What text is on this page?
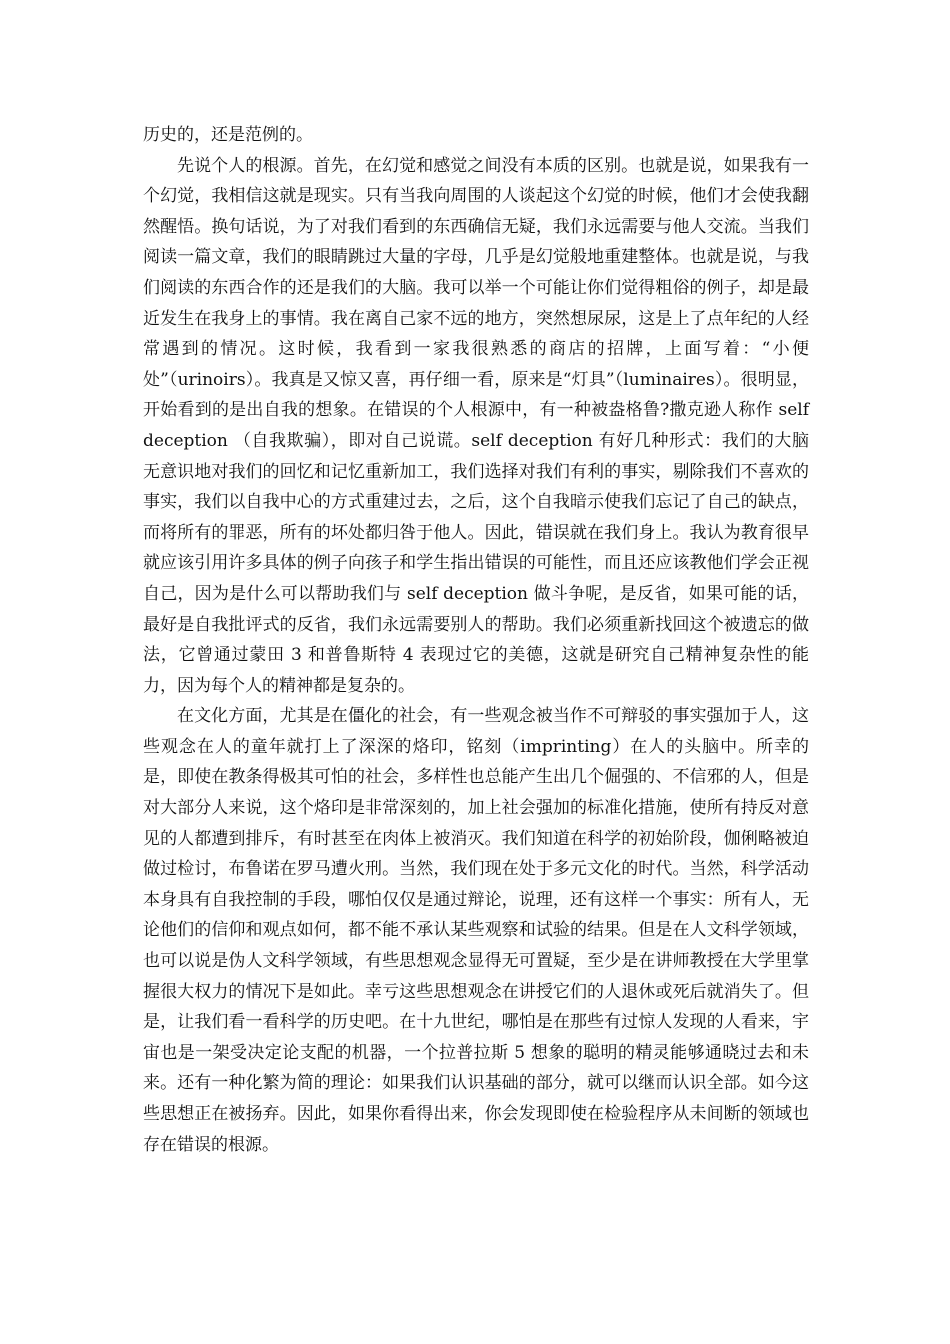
历史的，还是范例的。

先说个人的根源。首先，在幻觉和感觉之间没有本质的区别。也就是说，如果我有一个幻觉，我相信这就是现实。只有当我向周围的人谈起这个幻觉的时候，他们才会使我翻然醒悟。换句话说，为了对我们看到的东西确信无疑，我们永远需要与他人交流。当我们阅读一篇文章，我们的眼睛跳过大量的字母，几乎是幻觉般地重建整体。也就是说，与我们阅读的东西合作的还是我们的大脑。我可以举一个可能让你们觉得粗俗的例子，却是最近发生在我身上的事情。我在离自己家不远的地方，突然想尿尿，这是上了点年纪的人经常遇到的情况。这时候，我看到一家我很熟悉的商店的招牌，上面写着：“小便处”（urinoirs）。我真是又惊又喜，再仔细一看，原来是“灯具”（luminaires）。很明显，开始看到的是出自我的想象。在错误的个人根源中，有一种被盎格鲁?撒克逊人称作 self deception （自我欺骗），即对自己说谎。self deception 有好几种形式：我们的大脑无意识地对我们的回忆和记忆重新加工，我们选择对我们有利的事实，剔除我们不喜欢的事实，我们以自我中心的方式重建过去，之后，这个自我暗示使我们忘记了自己的缺点，而将所有的罪恶，所有的坏处都归咎于他人。因此，错误就在我们身上。我认为教育很早就应该引用许多具体的例子向孩子和学生指出错误的可能性，而且还应该教他们学会正视自己，因为是什么可以帮助我们与 self deception 做斗争呢，是反省，如果可能的话，最好是自我批评式的反省，我们永远需要别人的帮助。我们必须重新找回这个被遗忘的做法，它曾通过蒙田 3 和普鲁斯特 4 表现过它的美德，这就是研究自己精神复杂性的能力，因为每个人的精神都是复杂的。

在文化方面，尤其是在僵化的社会，有一些观念被当作不可辩驳的事实强加于人，这些观念在人的童年就打上了深深的烙印，铭刻（imprinting）在人的头脑中。所幸的是，即使在教条得极其可怕的社会，多样性也总能产生出几个倔强的、不信邪的人，但是对大部分人来说，这个烙印是非常深刻的，加上社会强加的标准化措施，使所有持反对意见的人都遭到排斥，有时甚至在肉体上被消灭。我们知道在科学的初始阶段，伽俐略被迫做过检讨，布鲁诺在罗马遭火刑。当然，我们现在处于多元文化的时代。当然，科学活动本身具有自我控制的手段，哪怕仅仅是通过辩论，说理，还有这样一个事实：所有人，无论他们的信仰和观点如何，都不能不承认某些观察和试验的结果。但是在人文科学领域，也可以说是伪人文科学领域，有些思想观念显得无可置疑，至少是在讲师教授在大学里掌握很大权力的情况下是如此。幸亏这些思想观念在讲授它们的人退休或死后就消失了。但是，让我们看一看科学的历史吧。在十九世纪，哪怕是在那些有过惊人发现的人看来，宇宙也是一架受决定论支配的机器，一个拉普拉斯 5 想象的聪明的精灵能够通晓过去和未来。还有一种化繁为简的理论：如果我们认识基础的部分，就可以继而认识全部。如今这些思想正在被扬弃。因此，如果你看得出来，你会发现即使在检验程序从未间断的领域也存在错误的根源。
